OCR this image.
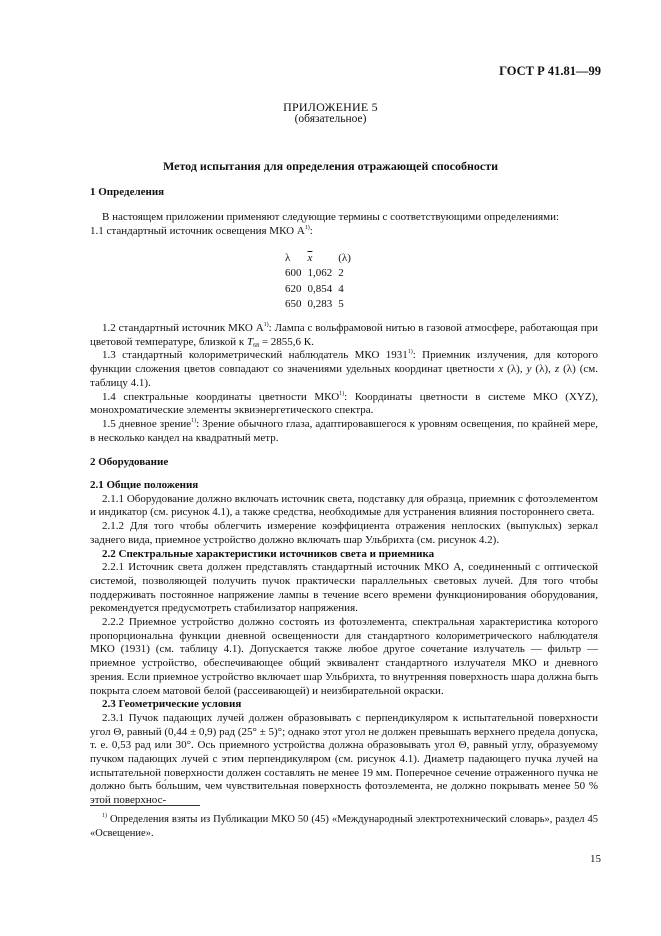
ГОСТ Р 41.81—99
ПРИЛОЖЕНИЕ 5
(обязательное)
Метод испытания для определения отражающей способности
1 Определения

В настоящем приложении применяют следующие термины с соответствующими определениями:

1.1 стандартный источник освещения МКО $А^{1)}$:

λ	$\overline{x}$	(λ)
600	1,062	2
620	0,854	4
650	0,283	5

1.2 стандартный источник МКО $А^{1)}$: Лампа с вольфрамовой нитью в газовой атмосфере, работающая при цветовой температуре, близкой к $T_{68} = 2855,6$ К.

1.3 стандартный колориметрический наблюдатель МКО 1931$^{1)}$: Приемник излучения, для которого функции сложения цветов совпадают со значениями удельных координат цветности x (λ), y (λ), z (λ) (см. таблицу 4.1).

1.4 спектральные координаты цветности МКО$^{1)}$: Координаты цветности в системе МКО (XYZ), монохроматические элементы эквиэнергетического спектра.

1.5 дневное зрение$^{1)}$: Зрение обычного глаза, адаптировавшегося к уровням освещения, по крайней мере, в несколько кандел на квадратный метр.

2 Оборудование

2.1 Общие положения

2.1.1 Оборудование должно включать источник света, подставку для образца, приемник с фотоэлементом и индикатор (см. рисунок 4.1), а также средства, необходимые для устранения влияния постороннего света.

2.1.2 Для того чтобы облегчить измерение коэффициента отражения неплоских (выпуклых) зеркал заднего вида, приемное устройство должно включать шар Ульбрихта (см. рисунок 4.2).

2.2 Спектральные характеристики источников света и приемника

2.2.1 Источник света должен представлять стандартный источник МКО А, соединенный с оптической системой, позволяющей получить пучок практически параллельных световых лучей. Для того чтобы поддерживать постоянное напряжение лампы в течение всего времени функционирования оборудования, рекомендуется предусмотреть стабилизатор напряжения.

2.2.2 Приемное устройство должно состоять из фотоэлемента, спектральная характеристика которого пропорциональна функции дневной освещенности для стандартного колориметрического наблюдателя МКО (1931) (см. таблицу 4.1). Допускается также любое другое сочетание излучатель — фильтр — приемное устройство, обеспечивающее общий эквивалент стандартного излучателя МКО и дневного зрения. Если приемное устройство включает шар Ульбрихта, то внутренняя поверхность шара должна быть покрыта слоем матовой белой (рассеивающей) и неизбирательной окраски.

2.3 Геометрические условия

2.3.1 Пучок падающих лучей должен образовывать с перпендикуляром к испытательной поверхности угол Θ, равный (0,44 ± 0,9) рад (25° ± 5)°; однако этот угол не должен превышать верхнего предела допуска, т. е. 0,53 рад или 30°. Ось приемного устройства должна образовывать угол Θ, равный углу, образуемому пучком падающих лучей с этим перпендикуляром (см. рисунок 4.1). Диаметр падающего пучка лучей на испытательной поверхности должен составлять не менее 19 мм. Поперечное сечение отраженного пучка не должно быть бо́льшим, чем чувствительная поверхность фотоэлемента, не должно покрывать менее 50 % этой поверхнос-

$^{1)}$ Определения взяты из Публикации МКО 50 (45) «Международный электротехнический словарь», раздел 45 «Освещение».

15
